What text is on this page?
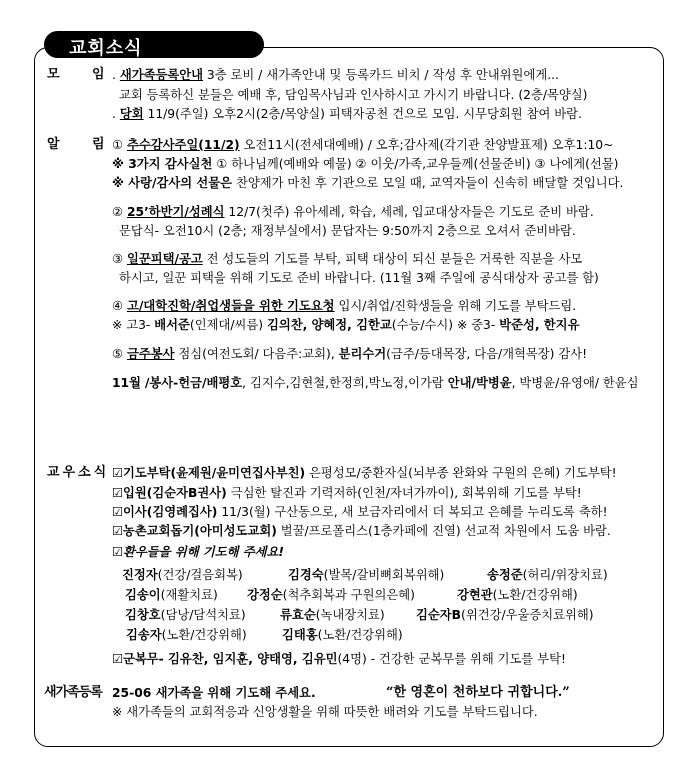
교회소식
모 임 . 새가족등록안내 3층 로비 / 새가족안내 및 등록카드 비치 / 작성 후 안내위원에게...
교회 등록하신 분들은 예배 후, 담임목사님과 인사하시고 가시기 바랍니다. (2층/목양실)
. 당회 11/9(주일) 오후2시(2층/목양실) 피택자공천 건으로 모임. 시무당회원 참여 바람.
알 림 ① 추수감사주일(11/2) 오전11시(전세대예배) / 오후;감사제(각기관 찬양발표제) 오후1:10~
※ 3가지 감사실천 ① 하나님께(예배와 예물) ② 이웃/가족,교우들께(선물준비) ③ 나에게(선물)
※ 사랑/감사의 선물은 찬양제가 마친 후 기관으로 모일 때, 교역자들이 신속히 배달할 것입니다.
② 25’하반기/성례식 12/7(첫주) 유아세례, 학습, 세례, 입교대상자들은 기도로 준비 바람.
문답식- 오전10시 (2층; 재정부실에서) 문답자는 9:50까지 2층으로 오셔서 준비바람.
③ 일꾼피택/공고 전 성도들의 기도를 부탁, 피택 대상이 되신 분들은 거룩한 직분을 사모
하시고, 일꾼 피택을 위해 기도로 준비 바랍니다. (11월 3째 주일에 공식대상자 공고를 함)
④ 고/대학진학/취업생들을 위한 기도요청 입시/취업/진학생들을 위해 기도를 부탁드림.
※ 고3- 배서준(인제대/씨름) 김의찬, 양혜정, 김한교(수능/수시) ※ 중3- 박준성, 한지유
⑤ 금주봉사 점심(여전도회/ 다음주:교회), 분리수거(금주/등대목장, 다음/개혁목장) 감사!
11월 /봉사-헌금/배평호, 김지수,김현철,한정희,박노정,이가람 안내/박병윤, 박병윤/유영애/ 한윤심
교우소식 ☑기도부탁(윤제원/윤미연집사부친) 은평성모/중환자실(뇌부종 완화와 구원의 은혜) 기도부탁!
☑입원(김순자B권사) 극심한 탈진과 기력저하(인천/자녀가까이), 회복위해 기도를 부탁!
☑이사(김영례집사) 11/3(월) 구산동으로, 새 보금자리에서 더 복되고 은혜를 누리도록 축하!
☑농촌교회돕기(아미성도교회) 벌꿀/프로폴리스(1층카페에 진열) 선교적 차원에서 도움 바람.
☑환우들을 위해 기도해 주세요!
진정자(건강/걸음회복)	김경숙(발목/갈비뼈회복위해)	송정준(허리/위장치료)
김송이(재활치료) 강정순(척추회복과 구원의은혜)	강현관(노환/건강위해)
김창호(담낭/담석치료)	류효순(녹내장치료)	김순자B(위건강/우울증치료위해)
김송자(노환/건강위해)	김태홍(노환/건강위해)
☑군복무- 김유찬, 임지훈, 양태영, 김유민(4명) - 건강한 군복무를 위해 기도를 부탁!
새가족등록 25-06 새가족을 위해 기도해 주세요.	“한 영혼이 천하보다 귀합니다.”
※ 새가족들의 교회적응과 신앙생활을 위해 따뜻한 배려와 기도를 부탁드립니다.
